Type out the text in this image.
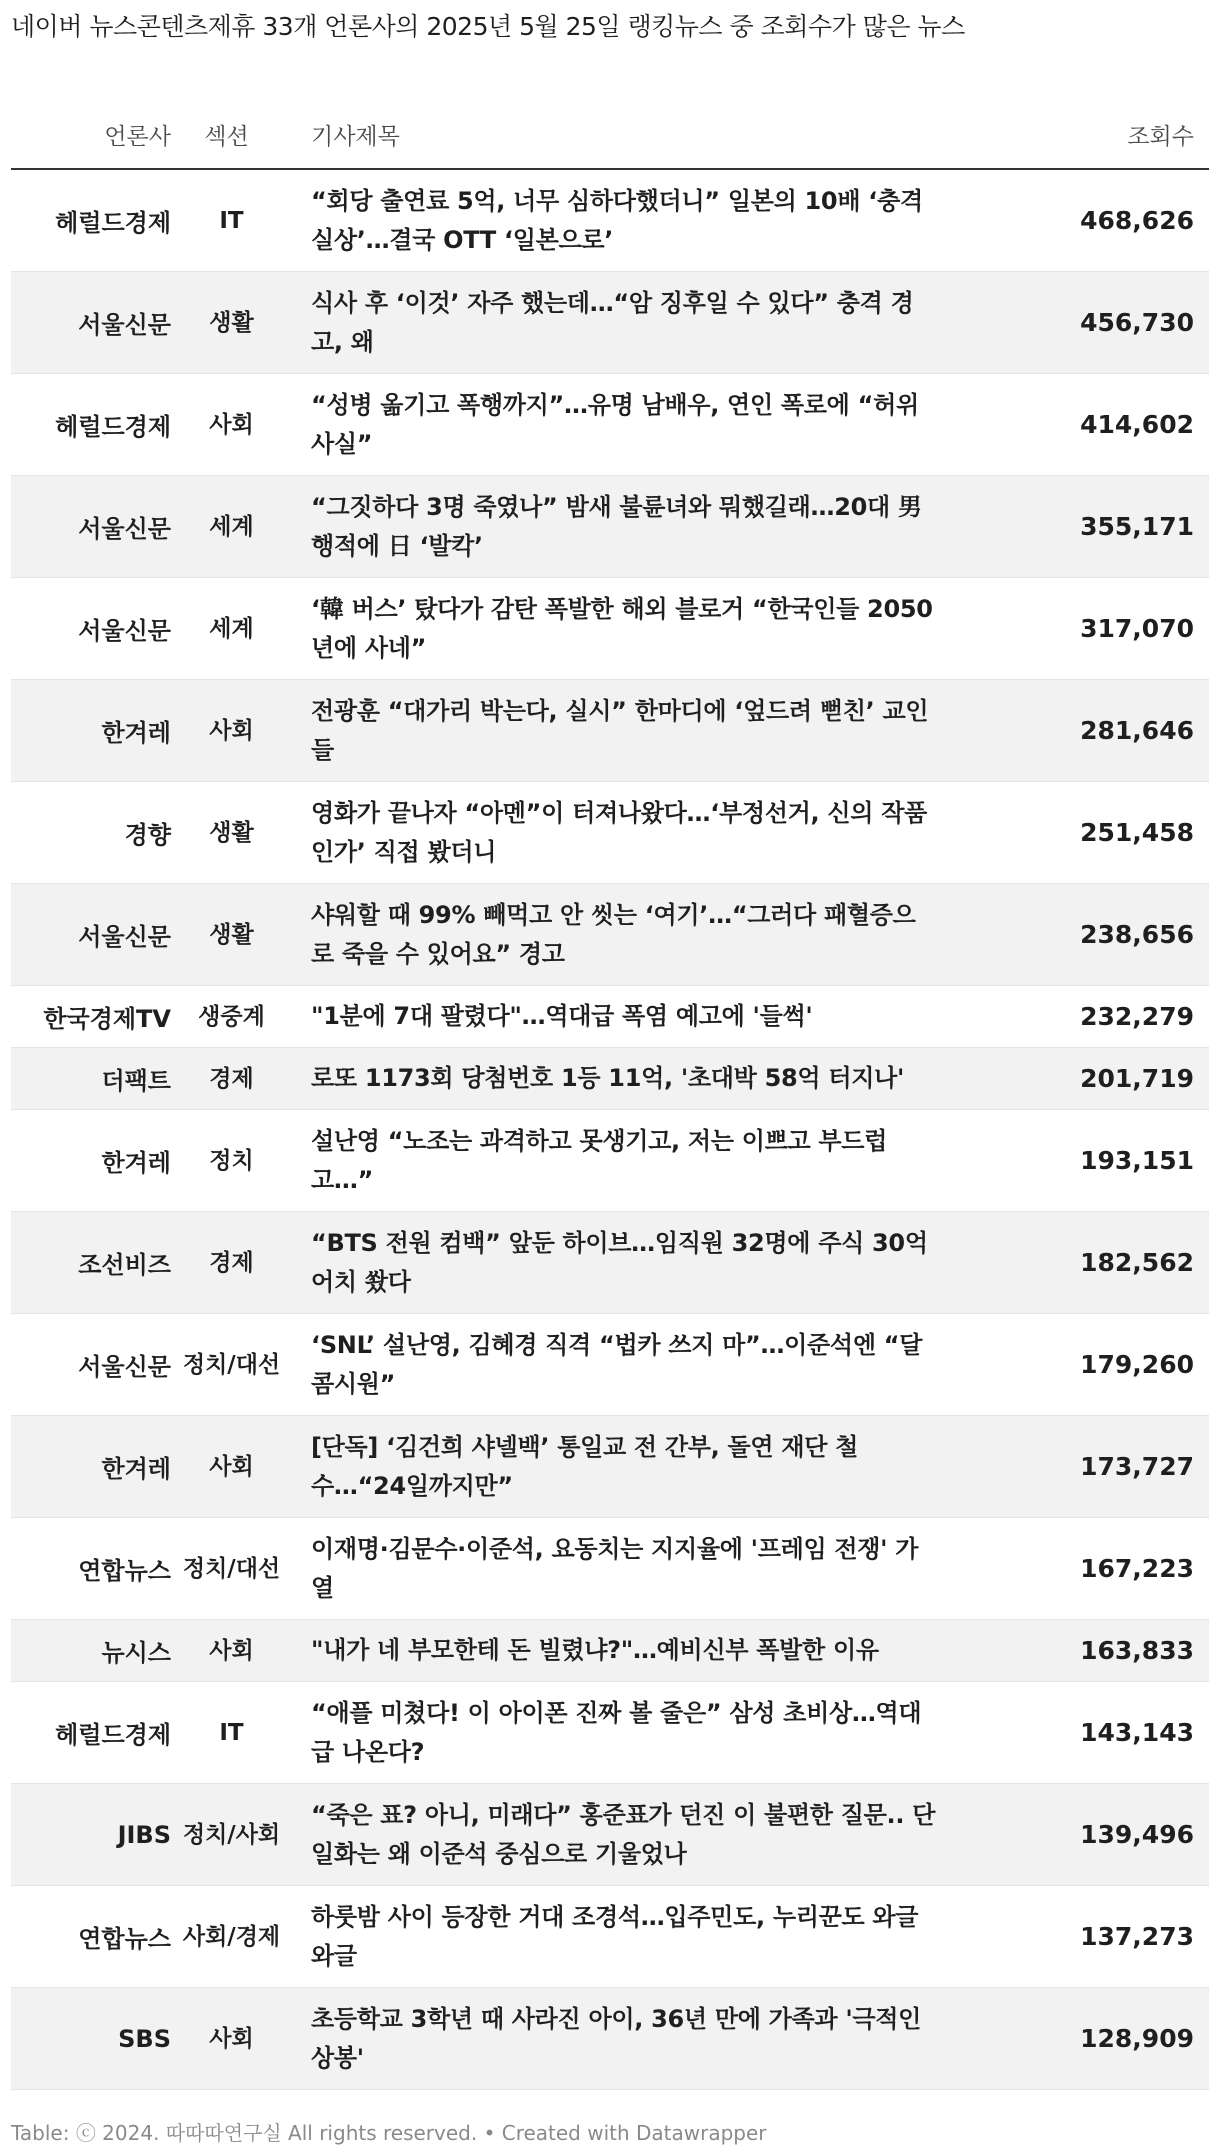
네이버 뉴스콘텐츠제휴 33개 언론사의 2025년 5월 25일 랭킹뉴스 중 조회수가 많은 뉴스
언론사	섹션	기사제목	조회수
헤럴드경제	IT	“회당 출연료 5억, 너무 심하다했더니” 일본의 10배 ‘충격 실상’…결국 OTT ‘일본으로’	468,626
서울신문	생활	식사 후 ‘이것’ 자주 했는데…“암 징후일 수 있다” 충격 경고, 왜	456,730
헤럴드경제	사회	“성병 옮기고 폭행까지”…유명 남배우, 연인 폭로에 “허위사실”	414,602
서울신문	세계	“그짓하다 3명 죽였나” 밤새 불륜녀와 뭐했길래…20대 男 행적에 日 ‘발칵’	355,171
서울신문	세계	‘韓 버스’ 탔다가 감탄 폭발한 해외 블로거 “한국인들 2050년에 사네”	317,070
한겨레	사회	전광훈 “대가리 박는다, 실시” 한마디에 ‘엎드려 뻗친’ 교인들	281,646
경향	생활	영화가 끝나자 “아멘”이 터져나왔다…‘부정선거, 신의 작품인가’ 직접 봤더니	251,458
서울신문	생활	샤워할 때 99% 빼먹고 안 씻는 ‘여기’…“그러다 패혈증으로 죽을 수 있어요” 경고	238,656
한국경제TV	생중계	"1분에 7대 팔렸다"…역대급 폭염 예고에 '들썩'	232,279
더팩트	경제	로또 1173회 당첨번호 1등 11억, '초대박 58억 터지나'	201,719
한겨레	정치	설난영 “노조는 과격하고 못생기고, 저는 이쁘고 부드럽고…”	193,151
조선비즈	경제	“BTS 전원 컴백” 앞둔 하이브…임직원 32명에 주식 30억어치 쐈다	182,562
서울신문	정치/대선	‘SNL’ 설난영, 김혜경 직격 “법카 쓰지 마”…이준석엔 “달콤시원”	179,260
한겨레	사회	[단독] ‘김건희 샤넬백’ 통일교 전 간부, 돌연 재단 철수…“24일까지만”	173,727
연합뉴스	정치/대선	이재명·김문수·이준석, 요동치는 지지율에 '프레임 전쟁' 가열	167,223
뉴시스	사회	"내가 네 부모한테 돈 빌렸냐?"…예비신부 폭발한 이유	163,833
헤럴드경제	IT	“애플 미쳤다! 이 아이폰 진짜 볼 줄은” 삼성 초비상…역대급 나온다?	143,143
JIBS	정치/사회	“죽은 표? 아니, 미래다” 홍준표가 던진 이 불편한 질문.. 단일화는 왜 이준석 중심으로 기울었나	139,496
연합뉴스	사회/경제	하룻밤 사이 등장한 거대 조경석…입주민도, 누리꾼도 와글와글	137,273
SBS	사회	초등학교 3학년 때 사라진 아이, 36년 만에 가족과 '극적인 상봉'	128,909
Table: ⓒ 2024. 따따따연구실 All rights reserved. • Created with Datawrapper
